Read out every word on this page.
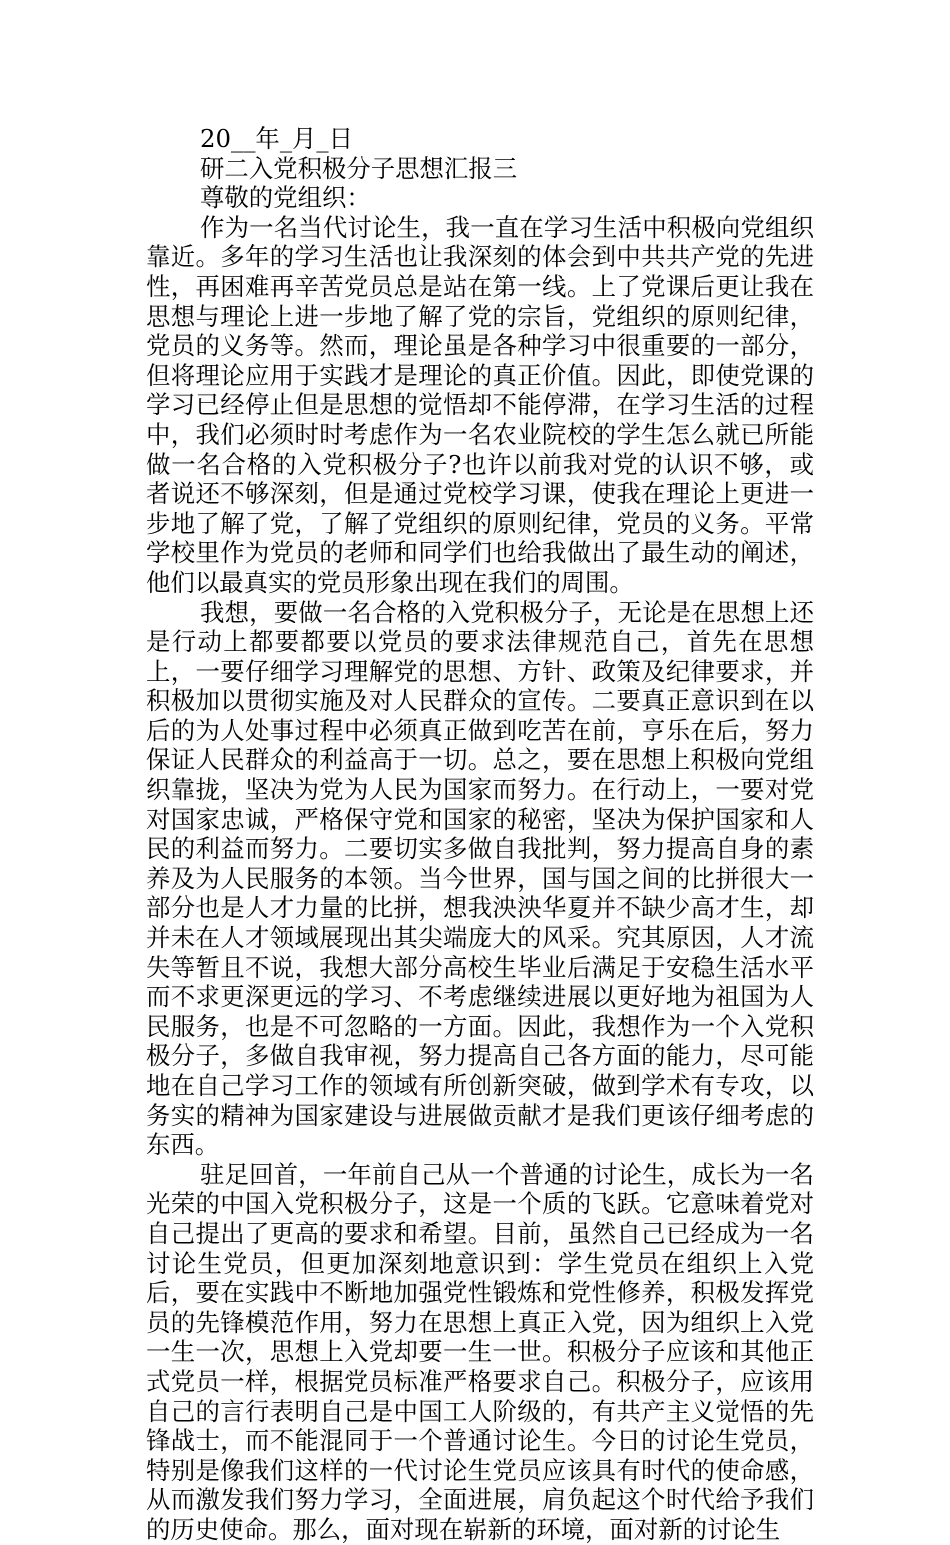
20__年_月_日
研二入党积极分子思想汇报三
尊敬的党组织：

作为一名当代讨论生，我一直在学习生活中积极向党组织靠近。多年的学习生活也让我深刻的体会到中共共产党的先进性，再困难再辛苦党员总是站在第一线。上了党课后更让我在思想与理论上进一步地了解了党的宗旨，党组织的原则纪律，党员的义务等。然而，理论虽是各种学习中很重要的一部分，但将理论应用于实践才是理论的真正价值。因此，即使党课的学习已经停止但是思想的觉悟却不能停滞，在学习生活的过程中，我们必须时时考虑作为一名农业院校的学生怎么就已所能做一名合格的入党积极分子?也许以前我对党的认识不够，或者说还不够深刻，但是通过党校学习课，使我在理论上更进一步地了解了党，了解了党组织的原则纪律，党员的义务。平常学校里作为党员的老师和同学们也给我做出了最生动的阐述，他们以最真实的党员形象出现在我们的周围。

我想，要做一名合格的入党积极分子，无论是在思想上还是行动上都要都要以党员的要求法律规范自己，首先在思想上，一要仔细学习理解党的思想、方针、政策及纪律要求，并积极加以贯彻实施及对人民群众的宣传。二要真正意识到在以后的为人处事过程中必须真正做到吃苦在前，亨乐在后，努力保证人民群众的利益高于一切。总之，要在思想上积极向党组织靠拢，坚决为党为人民为国家而努力。在行动上，一要对党对国家忠诚，严格保守党和国家的秘密，坚决为保护国家和人民的利益而努力。二要切实多做自我批判，努力提高自身的素养及为人民服务的本领。当今世界，国与国之间的比拼很大一部分也是人才力量的比拼，想我泱泱华夏并不缺少高才生，却并未在人才领域展现出其尖端庞大的风采。究其原因，人才流失等暂且不说，我想大部分高校生毕业后满足于安稳生活水平而不求更深更远的学习、不考虑继续进展以更好地为祖国为人民服务，也是不可忽略的一方面。因此，我想作为一个入党积极分子，多做自我审视，努力提高自己各方面的能力，尽可能地在自己学习工作的领域有所创新突破，做到学术有专攻，以务实的精神为国家建设与进展做贡献才是我们更该仔细考虑的东西。

驻足回首，一年前自己从一个普通的讨论生，成长为一名光荣的中国入党积极分子，这是一个质的飞跃。它意味着党对自己提出了更高的要求和希望。目前，虽然自己已经成为一名讨论生党员，但更加深刻地意识到：学生党员在组织上入党后，要在实践中不断地加强党性锻炼和党性修养，积极发挥党员的先锋模范作用，努力在思想上真正入党，因为组织上入党一生一次，思想上入党却要一生一世。积极分子应该和其他正式党员一样，根据党员标准严格要求自己。积极分子，应该用自己的言行表明自己是中国工人阶级的，有共产主义觉悟的先锋战士，而不能混同于一个普通讨论生。今日的讨论生党员，特别是像我们这样的一代讨论生党员应该具有时代的使命感，从而激发我们努力学习，全面进展，肩负起这个时代给予我们的历史使命。那么，面对现在崭新的环境，面对新的讨论生
